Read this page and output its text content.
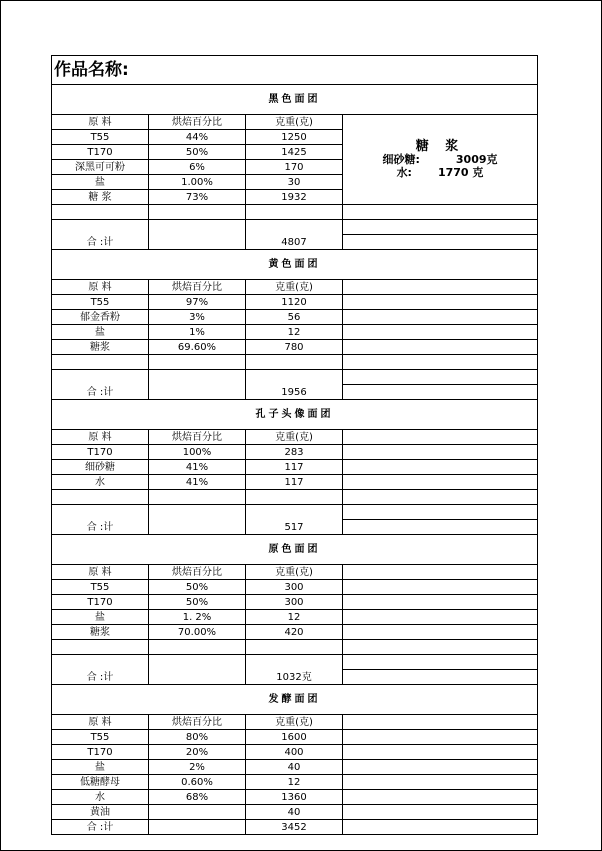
作品名称:			
黑色面团			
原 料	烘焙百分比	克重(克)	糖 浆
细砂糖: 3009克
水: 1770 克

T55	44%	1250	
T170	50%	1425	
深黑可可粉	6%	170	
盐	1.00%	30	
糖 浆	73%	1932	

合 :计		4807	

黄色面团			
原 料	烘焙百分比	克重(克)	
T55	97%	1120	
郁金香粉	3%	56	
盐	1%	12	
糖浆	69.60%	780	

合 :计		1956	

孔子头像面团			
原 料	烘焙百分比	克重(克)	
T170	100%	283	
细砂糖	41%	117	
水	41%	117	

合 :计		517	

原色面团			
原 料	烘焙百分比	克重(克)	
T55	50%	300	
T170	50%	300	
盐	1. 2%	12	
糖浆	70.00%	420	

合 :计		1032克	

发酵面团			
原 料	烘焙百分比	克重(克)	
T55	80%	1600	
T170	20%	400	
盐	2%	40	
低糖酵母	0.60%	12	
水	68%	1360	
黄油		40	
合 :计		3452	
